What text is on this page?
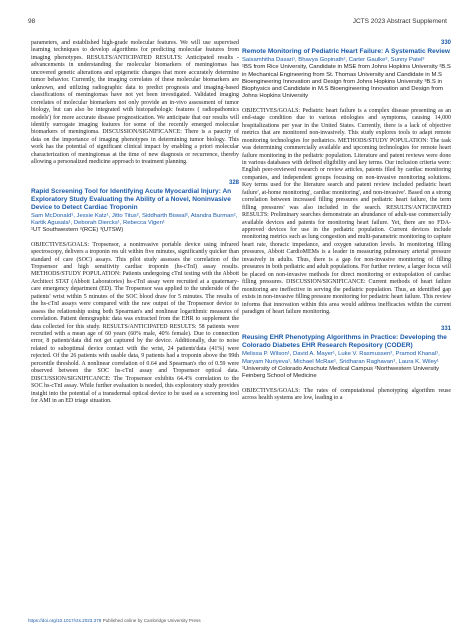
98	JCTS 2023 Abstract Supplement

parameters, and established high-grade molecular features. We will use supervised learning techniques to develop algorithms for predicting molecular features from imaging phenotypes. RESULTS/ANTICIPATED RESULTS: Anticipated results - advancements in understanding the molecular biomarkers of meningiomas has uncovered genetic alterations and epigenetic changes that more accurately determine tumor behavior. Currently, the imaging correlates of these molecular biomarkers are unknown, and utilizing radiographic data to predict prognosis and imaging-based classifications of meningiomas have not yet been investigated. Validated imaging correlates of molecular biomarkers not only provide an in-vivo assessment of tumor biology, but can also be integrated with histopathologic features ( radiopathomics models') for more accurate disease prognostication. We anticipate that our results will identify surrogate imaging features for some of the recently emerged molecular biomarkers of meningioma. DISCUSSION/SIGNIFICANCE: There is a paucity of data on the importance of imaging phenotypes in determining tumor biology. This work has the potential of significant clinical impact by enabling a priori molecular characterization of meningiomas at the time of new diagnosis or recurrence, thereby allowing a personalized medicine approach to treatment planning.

328
Rapid Screening Tool for Identifying Acute Myocardial Injury: An Exploratory Study Evaluating the Ability of a Novel, Noninvasive Device to Detect Cardiac Troponin

Sam McDonald¹, Jessie Katz¹, Jitto Titus², Siddharth Biswal², Atandra Burman², Kartik Agusala¹, Deborah Diercks¹, Rebecca Vigen¹

¹UT Southwestern ²(RCE) ³(UTSW)

OBJECTIVES/GOALS: Tropsensor, a noninvasive portable device using infrared spectroscopy, delivers a troponin res ult within five minutes, significantly quicker than standard of care (SOC) assays. This pilot study assesses the correlation of the Tropsensor and high sensitivity cardiac troponin (hs-cTnI) assay results. METHODS/STUDY POPULATION: Patients undergoing cTnI testing with the Abbott Architect STAT (Abbott Laboratories) hs-cTnI assay were recruited at a quaternary-care emergency department (ED). The Tropsensor was applied to the underside of the patients' wrist within 5 minutes of the SOC blood draw for 5 minutes. The results of the hs-cTnI assays were compared with the raw output of the Tropsensor device to assess the relationship using both Spearman's and nonlinear logarithmic measures of correlation. Patient demographic data was extracted from the EHR to supplement the data collected for this study. RESULTS/ANTICIPATED RESULTS: 58 patients were recruited with a mean age of 60 years (60% male, 40% female). Due to connection error, 8 patients'data did not get captured by the device. Additionally, due to noise related to suboptimal device contact with the wrist, 24 patients'data (41%) were rejected. Of the 26 patients with usable data, 9 patients had a troponin above the 99th percentile threshold. A nonlinear correlation of 0.64 and Spearman's rho of 0.59 were observed between the SOC hs-cTnI assay and Tropsensor optical data. DISCUSSION/SIGNIFICANCE: The Tropsensor exhibits 64.4% correlation to the SOC hs-cTnI assay. While further evaluation is needed, this exploratory study provides insight into the potential of a transdermal optical device to be used as a screening tool for AMI in an ED triage situation.

330
Remote Monitoring of Pediatric Heart Failure: A Systematic Review

Saisamhitha Dasari¹, Bhavya Gopinath², Carter Gaulke³, Sunny Patel³

¹BS from Rice University, Candidate in MSE from Johns Hopkins University ²B.S in Mechanical Engineering from St. Thomas University and Candidate in M.S Bioengineering Innovation and Design from Johns Hopkins University ³B.S in Biophysics and Candidate in M.S Bioengineering Innovation and Design from Johns Hopkins University

OBJECTIVES/GOALS: Pediatric heart failure is a complex disease presenting as an end-stage condition due to various etiologies and symptoms, causing 14,000 hospitalizations per year in the United States. Currently, there is a lack of objective metrics that are monitored non-invasively. This study explores tools to adapt remote monitoring technologies for pediatrics. METHODS/STUDY POPULATION: The task was determining commercially available and upcoming technologies for remote heart failure monitoring in the pediatric population. Literature and patent reviews were done in various databases with defined eligibility and key terms. Our inclusion criteria were: English peer-reviewed research or review articles, patents filed by cardiac monitoring companies, and independent groups focusing on non-invasive monitoring solutions. Key terms used for the literature search and patent review included pediatric heart failure', at-home monitoring', cardiac monitoring', and non-invasive'. Based on a strong correlation between increased filling pressures and pediatric heart failure, the term filling pressures' was also included in the search. RESULTS/ANTICIPATED RESULTS: Preliminary searches demonstrate an abundance of adult-use commercially available devices and patents for monitoring heart failure. Yet, there are no FDA-approved devices for use in the pediatric population. Current devices include monitoring metrics such as lung congestion and multi-parametric monitoring to capture heart rate, thoracic impedance, and oxygen saturation levels. In monitoring filling pressures, Abbott CardioMEMs is a leader in measuring pulmonary arterial pressure invasively in adults. Thus, there is a gap for non-invasive monitoring of filling pressures in both pediatric and adult populations. For further review, a larger focus will be placed on non-invasive methods for direct monitoring or extrapolation of cardiac filling pressures. DISCUSSION/SIGNIFICANCE: Current methods of heart failure monitoring are ineffective in serving the pediatric population. Thus, an identified gap exists in non-invasive filling pressure monitoring for pediatric heart failure. This review informs that innovation within this area would address inefficacies within the current paradigm of heart failure monitoring.

331
Reusing EHR Phenotyping Algorithms in Practice: Developing the Colorado Diabetes EHR Research Repository (CODER)

Melissa P. Wilson¹, David A. Mayer¹, Luke V. Rasmussen², Pramod Khanal¹, Maryam Nuriyeva¹, Michael McRae¹, Sridharan Raghavan¹, Laura K. Wiley¹

¹University of Colorado Anschutz Medical Campus ²Northwestern University Feinberg School of Medicine

OBJECTIVES/GOALS: The rates of computational phenotyping algorithm reuse across health systems are low, leading to a

https://doi.org/10.1017/cts.2023.378 Published online by Cambridge University Press
